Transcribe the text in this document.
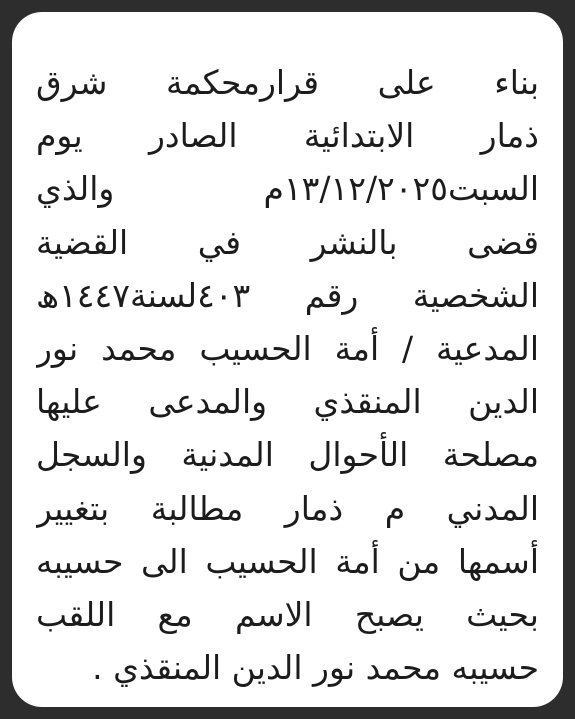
بناء على قرارمحكمة شرق
ذمار الابتدائية الصادر يوم
السبت١٣/١٢/٢٠٢٥م والذي
قضى بالنشر في القضية
الشخصية رقم ٤٠٣لسنة١٤٤٧ﮪ
المدعية / أمة الحسيب محمد نور
الدين المنقذي والمدعى عليها
مصلحة الأحوال المدنية والسجل
المدني م ذمار مطالبة بتغيير
أسمها من أمة الحسيب الى حسيبه
بحيث يصبح الاسم مع اللقب
حسيبه محمد نور الدين المنقذي .
